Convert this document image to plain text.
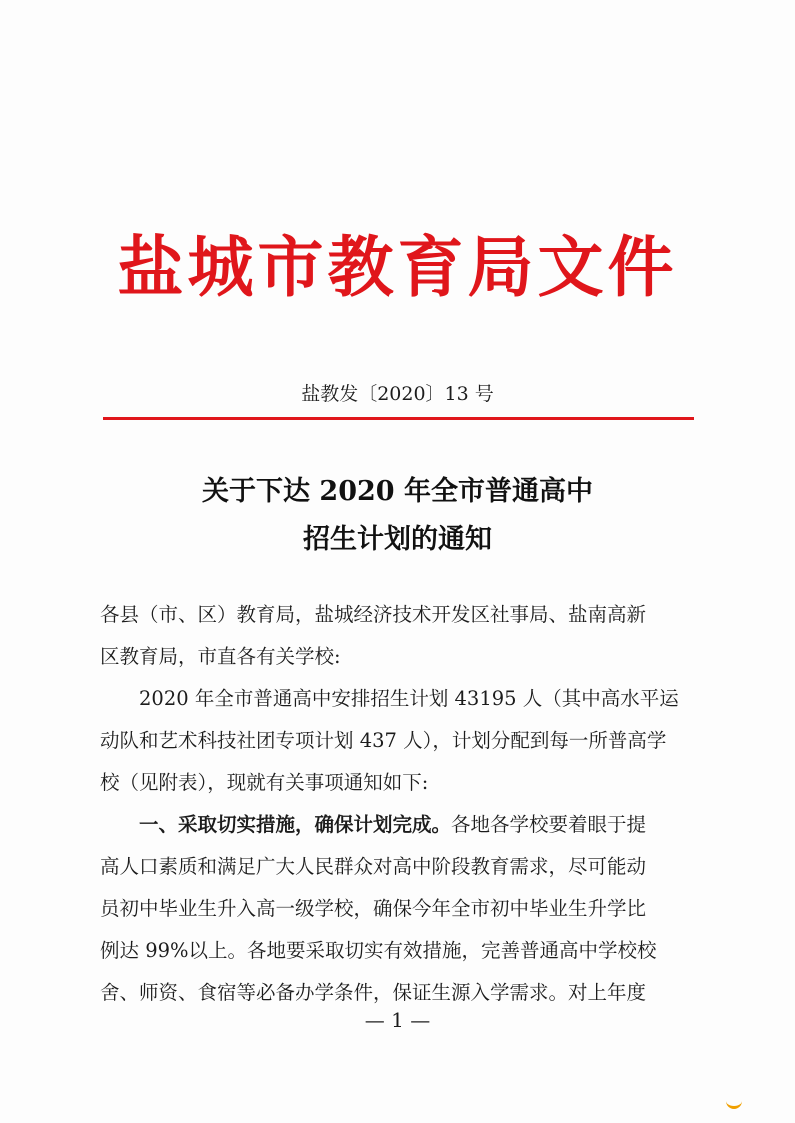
盐城市教育局文件
盐教发〔2020〕13 号
关于下达 2020 年全市普通高中
招生计划的通知
各县（市、区）教育局，盐城经济技术开发区社事局、盐南高新
区教育局，市直各有关学校:
2020 年全市普通高中安排招生计划 43195 人（其中高水平运
动队和艺术科技社团专项计划 437 人），计划分配到每一所普高学
校（见附表），现就有关事项通知如下:
一、采取切实措施，确保计划完成。各地各学校要着眼于提
高人口素质和满足广大人民群众对高中阶段教育需求，尽可能动
员初中毕业生升入高一级学校，确保今年全市初中毕业生升学比
例达 99%以上。各地要采取切实有效措施，完善普通高中学校校
舍、师资、食宿等必备办学条件，保证生源入学需求。对上年度
— 1 —
